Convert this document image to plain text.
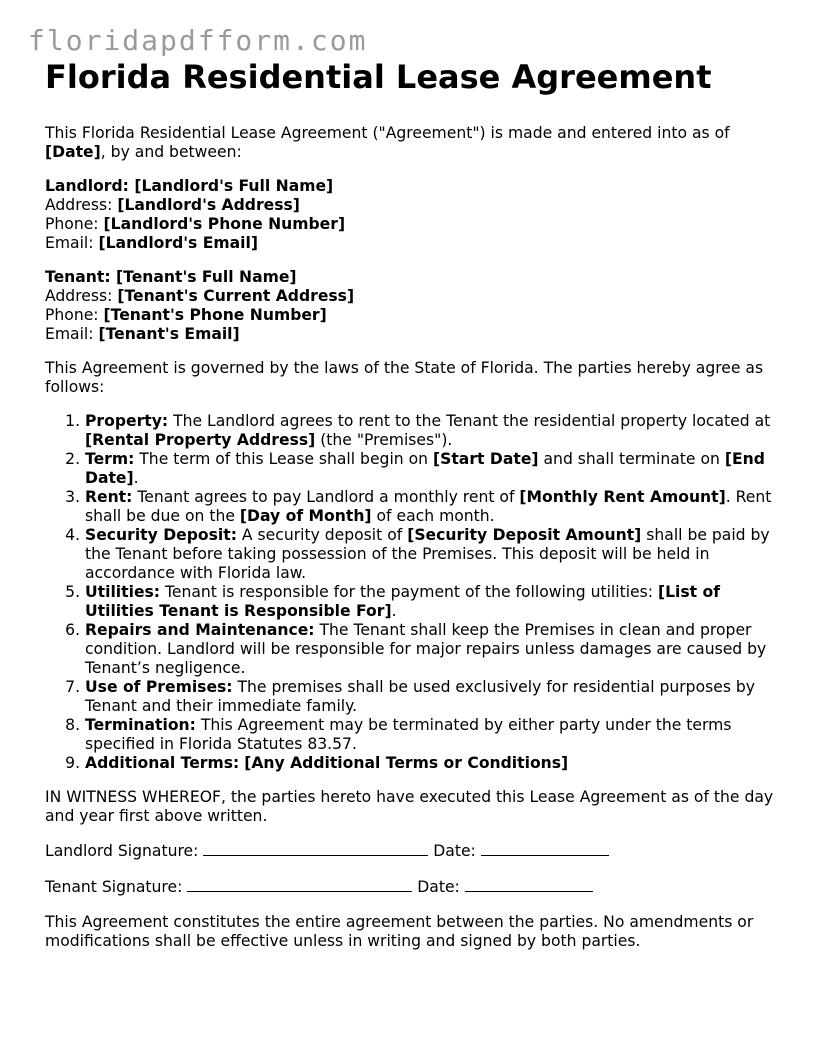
floridapdfform.com
Florida Residential Lease Agreement

This Florida Residential Lease Agreement ("Agreement") is made and entered into as of [Date], by and between:

Landlord: [Landlord's Full Name]
Address: [Landlord's Address]
Phone: [Landlord's Phone Number]
Email: [Landlord's Email]
Tenant: [Tenant's Full Name]
Address: [Tenant's Current Address]
Phone: [Tenant's Phone Number]
Email: [Tenant's Email]

This Agreement is governed by the laws of the State of Florida. The parties hereby agree as follows:

1. Property: The Landlord agrees to rent to the Tenant the residential property located at [Rental Property Address] (the "Premises").
2. Term: The term of this Lease shall begin on [Start Date] and shall terminate on [End Date].
3. Rent: Tenant agrees to pay Landlord a monthly rent of [Monthly Rent Amount]. Rent shall be due on the [Day of Month] of each month.
4. Security Deposit: A security deposit of [Security Deposit Amount] shall be paid by the Tenant before taking possession of the Premises. This deposit will be held in accordance with Florida law.
5. Utilities: Tenant is responsible for the payment of the following utilities: [List of Utilities Tenant is Responsible For].
6. Repairs and Maintenance: The Tenant shall keep the Premises in clean and proper condition. Landlord will be responsible for major repairs unless damages are caused by Tenant’s negligence.
7. Use of Premises: The premises shall be used exclusively for residential purposes by Tenant and their immediate family.
8. Termination: This Agreement may be terminated by either party under the terms specified in Florida Statutes 83.57.
9. Additional Terms: [Any Additional Terms or Conditions]

IN WITNESS WHEREOF, the parties hereto have executed this Lease Agreement as of the day and year first above written.

Landlord Signature:	Date:
Tenant Signature:	Date:

This Agreement constitutes the entire agreement between the parties. No amendments or modifications shall be effective unless in writing and signed by both parties.
